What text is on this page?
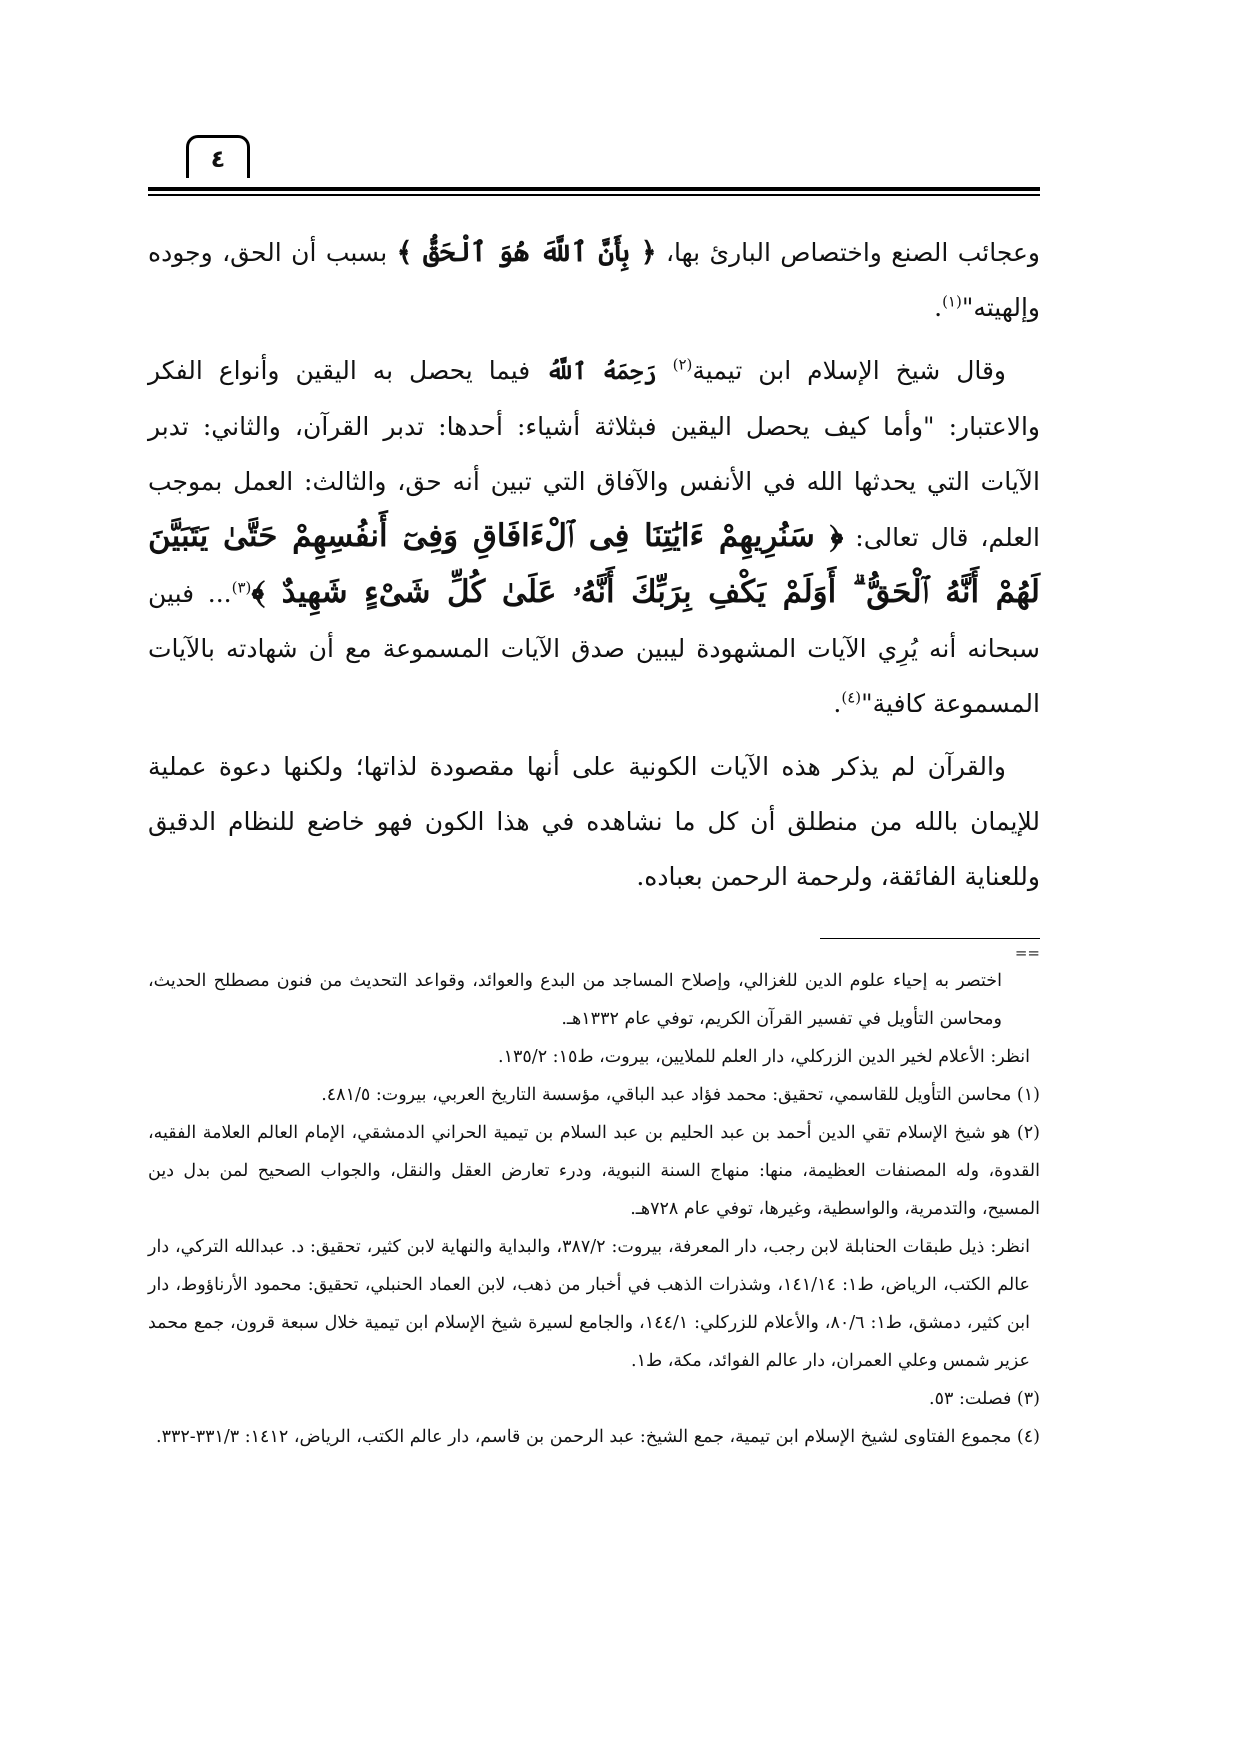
٤

وعجائب الصنع واختصاص البارئ بها، ﴿ بِأَنَّ ٱللَّهَ هُوَ ٱلْحَقُّ ﴾ بسبب أن الحق، وجوده وإلهيته"$^{(١)}$.

وقال شيخ الإسلام ابن تيمية$^{(٢)}$ رَحِمَهُ ٱللَّهُ فيما يحصل به اليقين وأنواع الفكر والاعتبار: "وأما كيف يحصل اليقين فبثلاثة أشياء: أحدها: تدبر القرآن، والثاني: تدبر الآيات التي يحدثها الله في الأنفس والآفاق التي تبين أنه حق، والثالث: العمل بموجب العلم، قال تعالى: ﴿ سَنُرِيهِمْ ءَايَٰتِنَا فِى ٱلْءَافَاقِ وَفِىٓ أَنفُسِهِمْ حَتَّىٰ يَتَبَيَّنَ لَهُمْ أَنَّهُ ٱلْحَقُّ ۗ أَوَلَمْ يَكْفِ بِرَبِّكَ أَنَّهُۥ عَلَىٰ كُلِّ شَىْءٍ شَهِيدٌ ﴾$^{(٣)}$... فبين سبحانه أنه يُرِي الآيات المشهودة ليبين صدق الآيات المسموعة مع أن شهادته بالآيات المسموعة كافية"$^{(٤)}$.

والقرآن لم يذكر هذه الآيات الكونية على أنها مقصودة لذاتها؛ ولكنها دعوة عملية للإيمان بالله من منطلق أن كل ما نشاهده في هذا الكون فهو خاضع للنظام الدقيق وللعناية الفائقة، ولرحمة الرحمن بعباده.

==

اختصر به إحياء علوم الدين للغزالي، وإصلاح المساجد من البدع والعوائد، وقواعد التحديث من فنون مصطلح الحديث، ومحاسن التأويل في تفسير القرآن الكريم، توفي عام ١٣٣٢هـ.

انظر: الأعلام لخير الدين الزركلي، دار العلم للملايين، بيروت، ط١٥: ١٣٥/٢.

(١) محاسن التأويل للقاسمي، تحقيق: محمد فؤاد عبد الباقي، مؤسسة التاريخ العربي، بيروت: ٤٨١/٥.

(٢) هو شيخ الإسلام تقي الدين أحمد بن عبد الحليم بن عبد السلام بن تيمية الحراني الدمشقي، الإمام العالم العلامة الفقيه، القدوة، وله المصنفات العظيمة، منها: منهاج السنة النبوية، ودرء تعارض العقل والنقل، والجواب الصحيح لمن بدل دين المسيح، والتدمرية، والواسطية، وغيرها، توفي عام ٧٢٨هـ.

انظر: ذيل طبقات الحنابلة لابن رجب، دار المعرفة، بيروت: ٣٨٧/٢، والبداية والنهاية لابن كثير، تحقيق: د. عبدالله التركي، دار عالم الكتب، الرياض، ط١: ١٤١/١٤، وشذرات الذهب في أخبار من ذهب، لابن العماد الحنبلي، تحقيق: محمود الأرناؤوط، دار ابن كثير، دمشق، ط١: ٨٠/٦، والأعلام للزركلي: ١٤٤/١، والجامع لسيرة شيخ الإسلام ابن تيمية خلال سبعة قرون، جمع محمد عزير شمس وعلي العمران، دار عالم الفوائد، مكة، ط١.

(٣) فصلت: ٥٣.

(٤) مجموع الفتاوى لشيخ الإسلام ابن تيمية، جمع الشيخ: عبد الرحمن بن قاسم، دار عالم الكتب، الرياض، ١٤١٢: ٣٣١/٣-٣٣٢.
